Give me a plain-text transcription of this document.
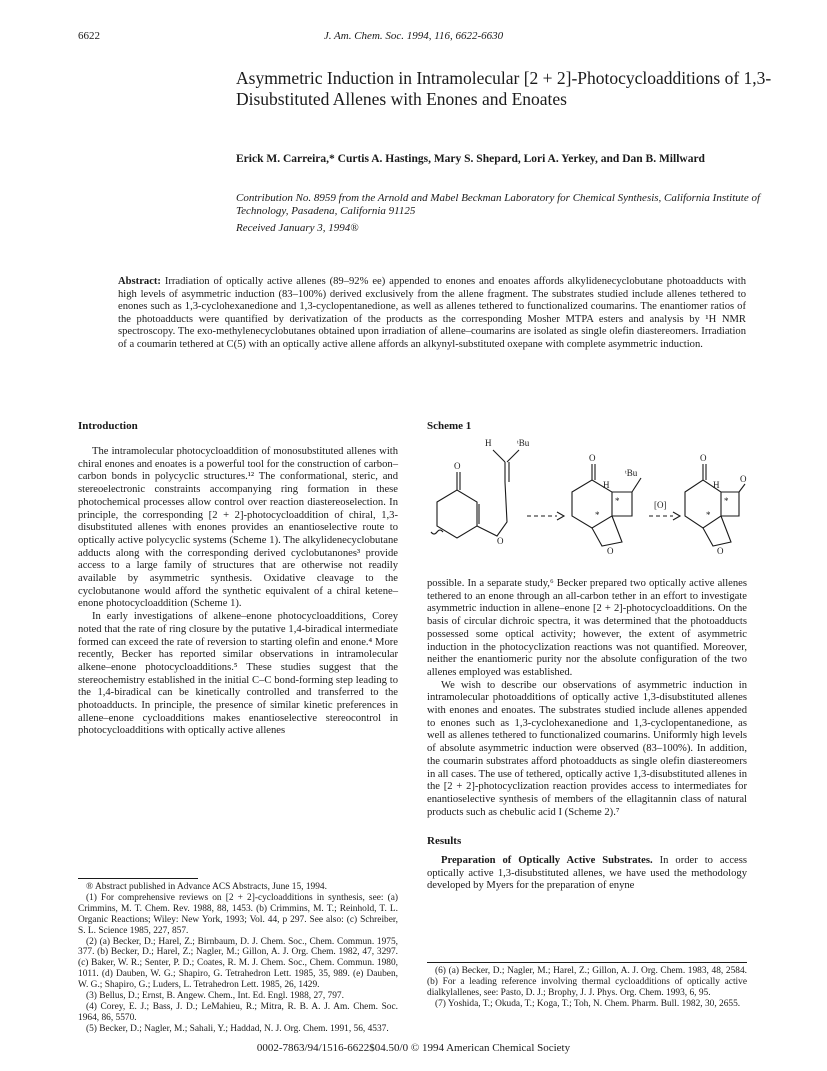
6622	J. Am. Chem. Soc. 1994, 116, 6622-6630
Asymmetric Induction in Intramolecular [2 + 2]-Photocycloadditions of 1,3-Disubstituted Allenes with Enones and Enoates
Erick M. Carreira,* Curtis A. Hastings, Mary S. Shepard, Lori A. Yerkey, and Dan B. Millward
Contribution No. 8959 from the Arnold and Mabel Beckman Laboratory for Chemical Synthesis, California Institute of Technology, Pasadena, California 91125
Received January 3, 1994®
Abstract: Irradiation of optically active allenes (89–92% ee) appended to enones and enoates affords alkylidenecyclobutane photoadducts with high levels of asymmetric induction (83–100%) derived exclusively from the allene fragment. The substrates studied include allenes tethered to enones such as 1,3-cyclohexanedione and 1,3-cyclopentanedione, as well as allenes tethered to functionalized coumarins. The enantiomer ratios of the photoadducts were quantified by derivatization of the products as the corresponding Mosher MTPA esters and analysis by ¹H NMR spectroscopy. The exo-methylenecyclobutanes obtained upon irradiation of allene–coumarins are isolated as single olefin diastereomers. Irradiation of a coumarin tethered at C(5) with an optically active allene affords an alkynyl-substituted oxepane with complete asymmetric induction.
Introduction

The intramolecular photocycloaddition of monosubstituted allenes with chiral enones and enoates is a powerful tool for the construction of carbon–carbon bonds in polycyclic structures.¹² The conformational, steric, and stereoelectronic constraints accompanying ring formation in these photochemical processes allow control over reaction diastereoselection. In principle, the corresponding [2 + 2]-photocycloaddition of chiral, 1,3-disubstituted allenes with enones provides an enantioselective route to optically active polycyclic systems (Scheme 1). The alkylidenecyclobutane adducts along with the corresponding derived cyclobutanones³ provide access to a large family of structures that are otherwise not readily available by asymmetric synthesis. Oxidative cleavage to the cyclobutanone would afford the synthetic equivalent of a chiral ketene–enone photocycloaddition (Scheme 1).

In early investigations of alkene–enone photocycloadditions, Corey noted that the rate of ring closure by the putative 1,4-biradical intermediate formed can exceed the rate of reversion to starting olefin and enone.⁴ More recently, Becker has reported similar observations in intramolecular alkene–enone photocycloadditions.⁵ These studies suggest that the stereochemistry established in the initial C–C bond-forming step leading to the 1,4-biradical can be kinetically controlled and transferred to the photoadducts. In principle, the presence of similar kinetic preferences in allene–enone cycloadditions makes enantioselective stereocontrol in photocycloadditions with optically active allenes

® Abstract published in Advance ACS Abstracts, June 15, 1994.

(1) For comprehensive reviews on [2 + 2]-cycloadditions in synthesis, see: (a) Crimmins, M. T. Chem. Rev. 1988, 88, 1453. (b) Crimmins, M. T.; Reinhold, T. L. Organic Reactions; Wiley: New York, 1993; Vol. 44, p 297. See also: (c) Schreiber, S. L. Science 1985, 227, 857.

(2) (a) Becker, D.; Harel, Z.; Birnbaum, D. J. Chem. Soc., Chem. Commun. 1975, 377. (b) Becker, D.; Harel, Z.; Nagler, M.; Gillon, A. J. Org. Chem. 1982, 47, 3297. (c) Baker, W. R.; Senter, P. D.; Coates, R. M. J. Chem. Soc., Chem. Commun. 1980, 1011. (d) Dauben, W. G.; Shapiro, G. Tetrahedron Lett. 1985, 35, 989. (e) Dauben, W. G.; Shapiro, G.; Luders, L. Tetrahedron Lett. 1985, 26, 1429.

(3) Bellus, D.; Ernst, B. Angew. Chem., Int. Ed. Engl. 1988, 27, 797.

(4) Corey, E. J.; Bass, J. D.; LeMahieu, R.; Mitra, R. B. A. J. Am. Chem. Soc. 1964, 86, 5570.

(5) Becker, D.; Nagler, M.; Sahali, Y.; Haddad, N. J. Org. Chem. 1991, 56, 4537.

Scheme 1
H	ᵗBu
O
O
O
H
ᵗBu
*
*
O
[O]
O
H
O
*
*
O

possible. In a separate study,⁶ Becker prepared two optically active allenes tethered to an enone through an all-carbon tether in an effort to investigate asymmetric induction in allene–enone [2 + 2]-photocycloadditions. On the basis of circular dichroic spectra, it was determined that the photoadducts possessed some optical activity; however, the extent of asymmetric induction in the photocyclization reactions was not quantified. Moreover, neither the enantiomeric purity nor the absolute configuration of the two allenes employed was established.

We wish to describe our observations of asymmetric induction in intramolecular photoadditions of optically active 1,3-disubstituted allenes with enones and enoates. The substrates studied include allenes appended to enones such as 1,3-cyclohexanedione and 1,3-cyclopentanedione, as well as allenes tethered to functionalized coumarins. Uniformly high levels of absolute asymmetric induction were observed (83–100%). In addition, the coumarin substrates afford photoadducts as single olefin diastereomers in all cases. The use of tethered, optically active 1,3-disubstituted allenes in the [2 + 2]-photocyclization reaction provides access to intermediates for enantioselective synthesis of members of the ellagitannin class of natural products such as chebulic acid I (Scheme 2).⁷

Results

Preparation of Optically Active Substrates. In order to access optically active 1,3-disubstituted allenes, we have used the methodology developed by Myers for the preparation of enyne

(6) (a) Becker, D.; Nagler, M.; Harel, Z.; Gillon, A. J. Org. Chem. 1983, 48, 2584. (b) For a leading reference involving thermal cycloadditions of optically active dialkylallenes, see: Pasto, D. J.; Brophy, J. J. Phys. Org. Chem. 1993, 6, 95.

(7) Yoshida, T.; Okuda, T.; Koga, T.; Toh, N. Chem. Pharm. Bull. 1982, 30, 2655.

0002-7863/94/1516-6622$04.50/0 © 1994 American Chemical Society
